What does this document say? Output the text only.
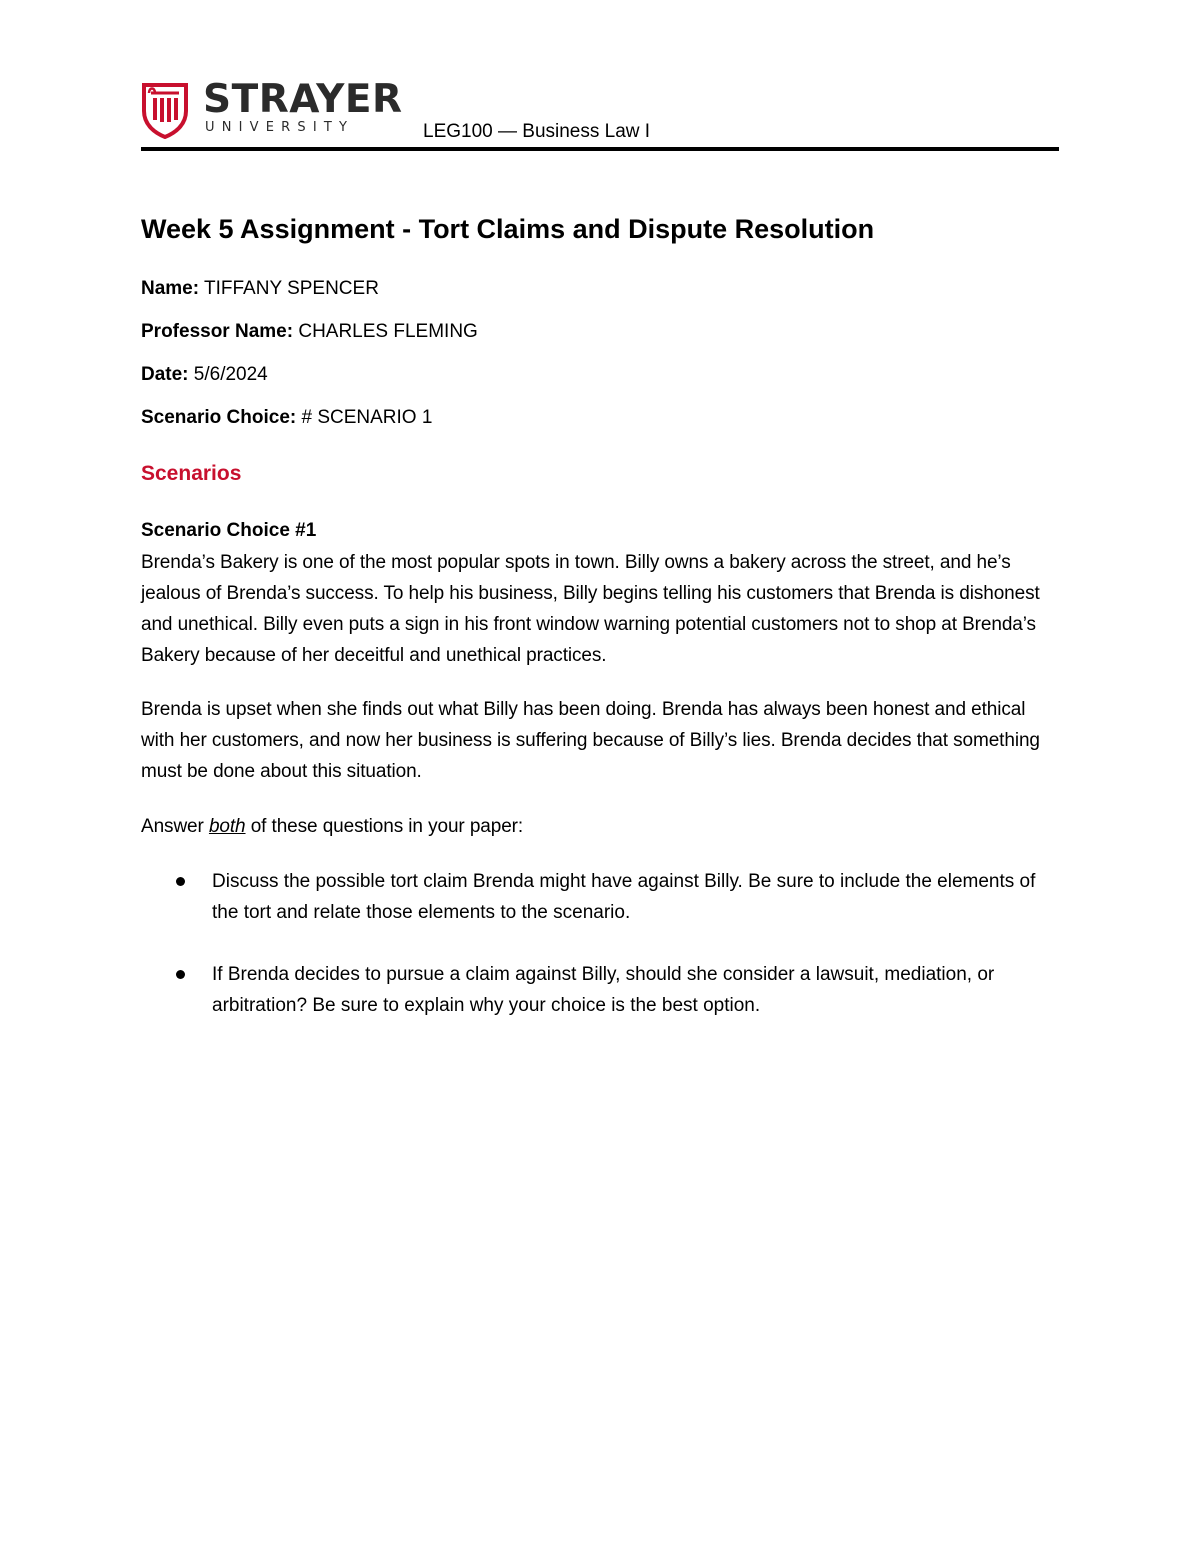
STRAYER
UNIVERSITY	LEG100 — Business Law I
Week 5 Assignment - Tort Claims and Dispute Resolution
Name: TIFFANY SPENCER
Professor Name: CHARLES FLEMING
Date: 5/6/2024
Scenario Choice: # SCENARIO 1
Scenarios
Scenario Choice #1

Brenda’s Bakery is one of the most popular spots in town. Billy owns a bakery across the street, and he’s jealous of Brenda’s success. To help his business, Billy begins telling his customers that Brenda is dishonest and unethical. Billy even puts a sign in his front window warning potential customers not to shop at Brenda’s Bakery because of her deceitful and unethical practices.

Brenda is upset when she finds out what Billy has been doing. Brenda has always been honest and ethical with her customers, and now her business is suffering because of Billy’s lies. Brenda decides that something must be done about this situation.

Answer both of these questions in your paper:

Discuss the possible tort claim Brenda might have against Billy. Be sure to include the elements of the tort and relate those elements to the scenario.
If Brenda decides to pursue a claim against Billy, should she consider a lawsuit, mediation, or arbitration? Be sure to explain why your choice is the best option.
